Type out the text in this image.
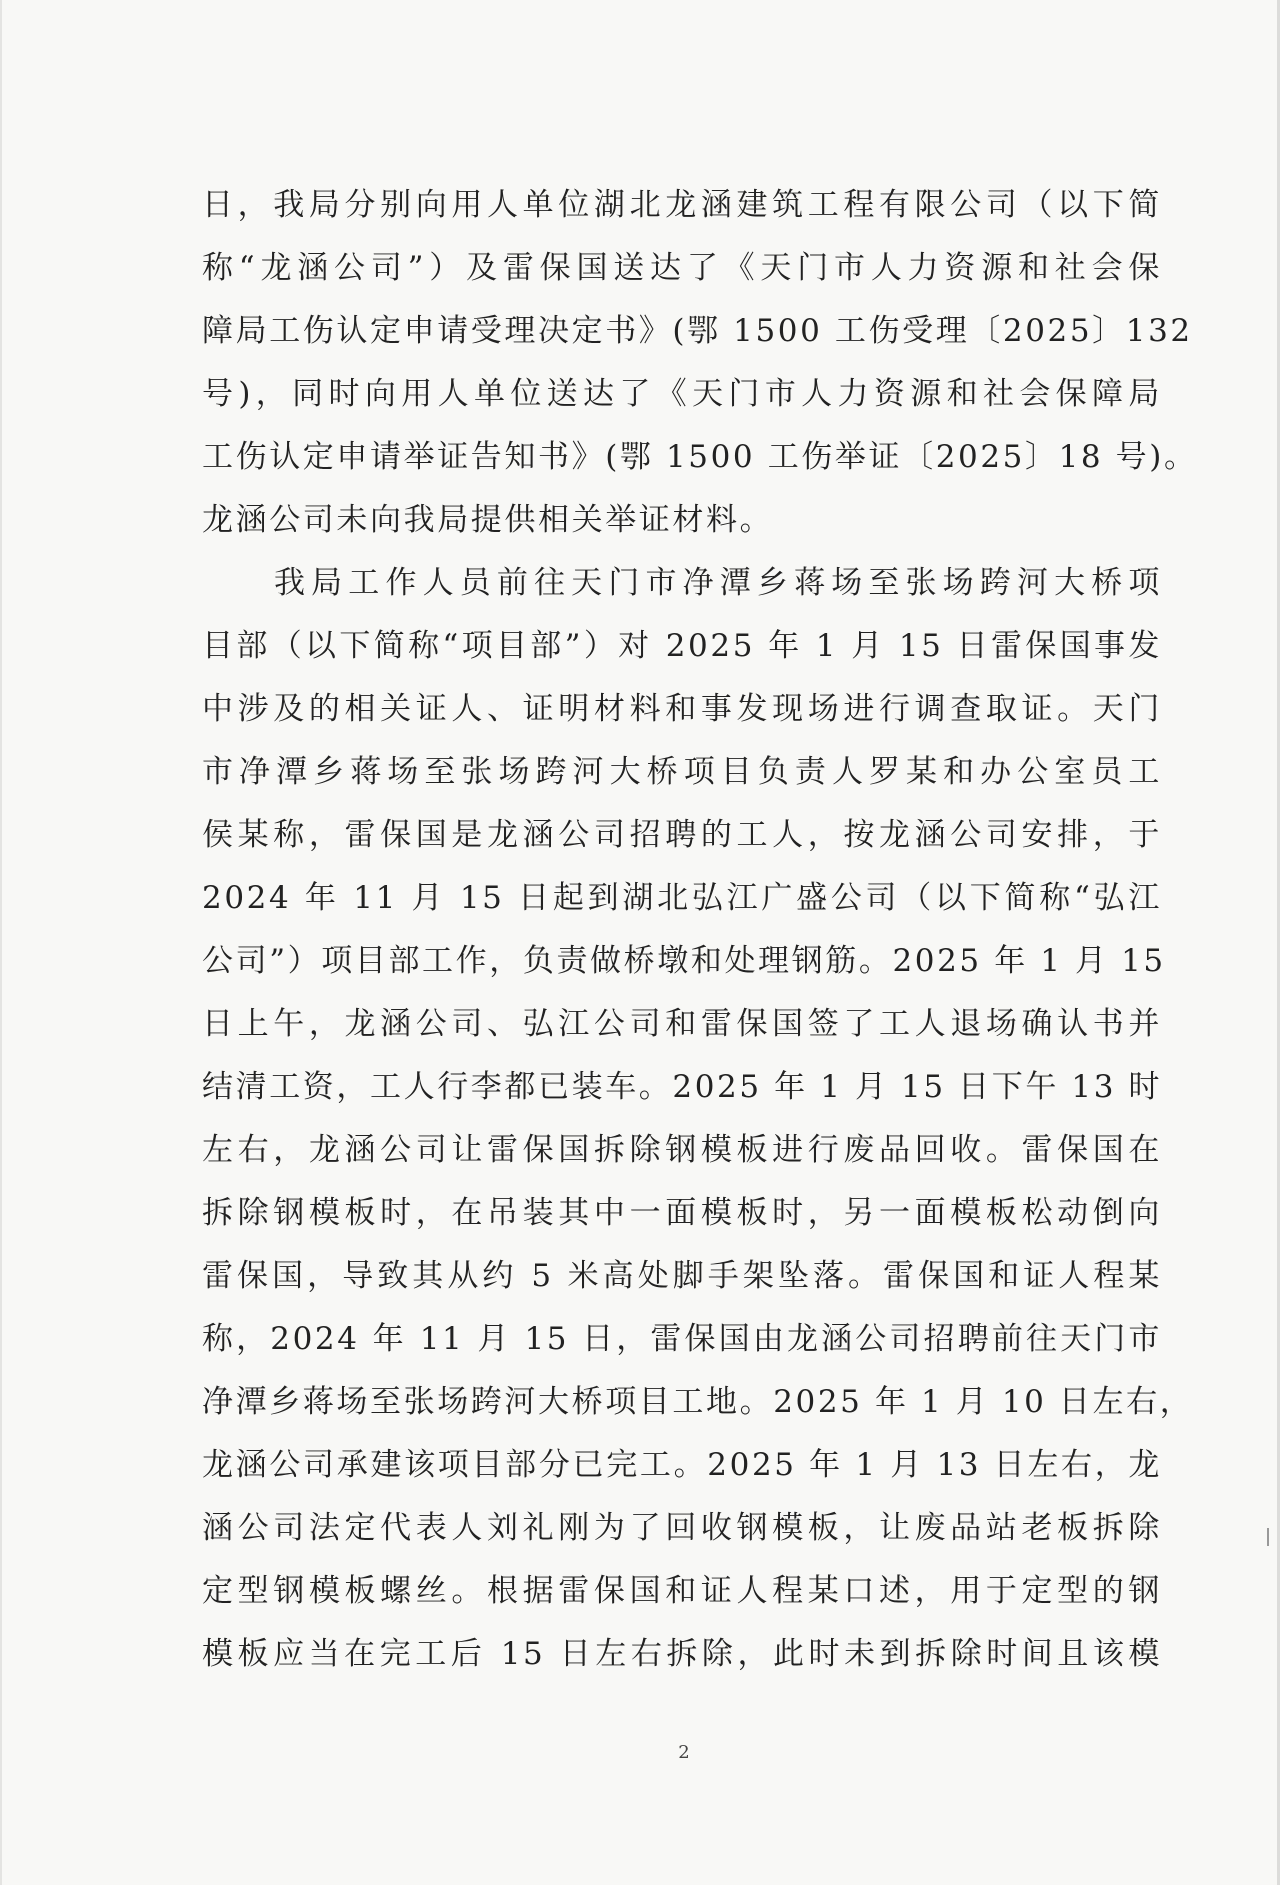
日，我局分别向用人单位湖北龙涵建筑工程有限公司（以下简
称“龙涵公司”）及雷保国送达了《天门市人力资源和社会保
障局工伤认定申请受理决定书》(鄂 1500 工伤受理〔2025〕132
号)，同时向用人单位送达了《天门市人力资源和社会保障局
工伤认定申请举证告知书》(鄂 1500 工伤举证〔2025〕18 号)。
龙涵公司未向我局提供相关举证材料。
我局工作人员前往天门市净潭乡蒋场至张场跨河大桥项
目部（以下简称“项目部”）对 2025 年 1 月 15 日雷保国事发
中涉及的相关证人、证明材料和事发现场进行调查取证。天门
市净潭乡蒋场至张场跨河大桥项目负责人罗某和办公室员工
侯某称，雷保国是龙涵公司招聘的工人，按龙涵公司安排，于
2024 年 11 月 15 日起到湖北弘江广盛公司（以下简称“弘江
公司”）项目部工作，负责做桥墩和处理钢筋。2025 年 1 月 15
日上午，龙涵公司、弘江公司和雷保国签了工人退场确认书并
结清工资，工人行李都已装车。2025 年 1 月 15 日下午 13 时
左右，龙涵公司让雷保国拆除钢模板进行废品回收。雷保国在
拆除钢模板时，在吊装其中一面模板时，另一面模板松动倒向
雷保国，导致其从约 5 米高处脚手架坠落。雷保国和证人程某
称，2024 年 11 月 15 日，雷保国由龙涵公司招聘前往天门市
净潭乡蒋场至张场跨河大桥项目工地。2025 年 1 月 10 日左右，
龙涵公司承建该项目部分已完工。2025 年 1 月 13 日左右，龙
涵公司法定代表人刘礼刚为了回收钢模板，让废品站老板拆除
定型钢模板螺丝。根据雷保国和证人程某口述，用于定型的钢
模板应当在完工后 15 日左右拆除，此时未到拆除时间且该模
2
